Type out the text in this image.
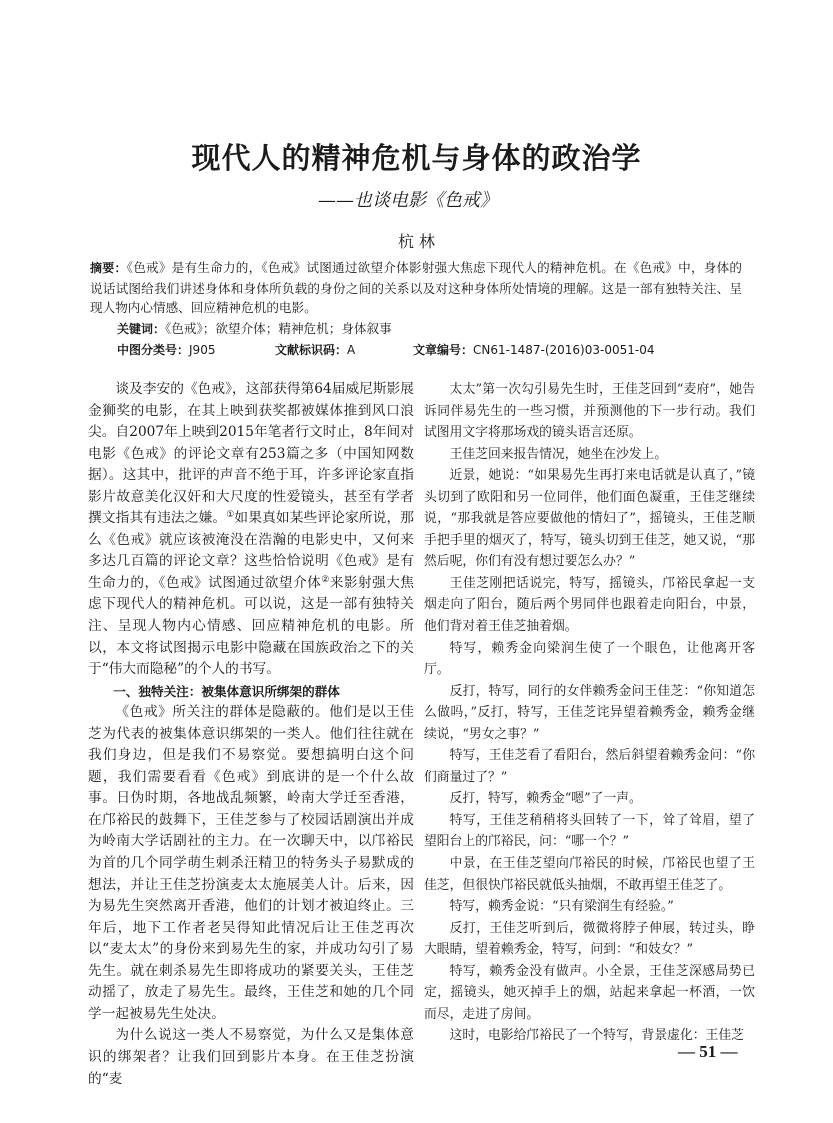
现代人的精神危机与身体的政治学
——也谈电影《色戒》
杭 林
摘要：《色戒》是有生命力的，《色戒》试图通过欲望介体影射强大焦虑下现代人的精神危机。在《色戒》中，身体的说话试图给我们讲述身体和身体所负载的身份之间的关系以及对这种身体所处情境的理解。这是一部有独特关注、呈现人物内心情感、回应精神危机的电影。
关键词：《色戒》；欲望介体；精神危机；身体叙事
中图分类号：J905	文献标识码：A	文章编号：CN61-1487-(2016)03-0051-04

谈及李安的《色戒》，这部获得第64届威尼斯影展金狮奖的电影，在其上映到获奖都被媒体推到风口浪尖。自2007年上映到2015年笔者行文时止，8年间对电影《色戒》的评论文章有253篇之多（中国知网数据）。这其中，批评的声音不绝于耳，许多评论家直指影片故意美化汉奸和大尺度的性爱镜头，甚至有学者撰文指其有违法之嫌。①如果真如某些评论家所说，那么《色戒》就应该被淹没在浩瀚的电影史中，又何来多达几百篇的评论文章？这些恰恰说明《色戒》是有生命力的，《色戒》试图通过欲望介体②来影射强大焦虑下现代人的精神危机。可以说，这是一部有独特关注、呈现人物内心情感、回应精神危机的电影。所以，本文将试图揭示电影中隐藏在国族政治之下的关于“伟大而隐秘”的个人的书写。

一、独特关注：被集体意识所绑架的群体

《色戒》所关注的群体是隐蔽的。他们是以王佳芝为代表的被集体意识绑架的一类人。他们往往就在我们身边，但是我们不易察觉。要想搞明白这个问题，我们需要看看《色戒》到底讲的是一个什么故事。日伪时期，各地战乱频繁，岭南大学迁至香港，在邝裕民的鼓舞下，王佳芝参与了校园话剧演出并成为岭南大学话剧社的主力。在一次聊天中，以邝裕民为首的几个同学萌生刺杀汪精卫的特务头子易默成的想法，并让王佳芝扮演麦太太施展美人计。后来，因为易先生突然离开香港，他们的计划才被迫终止。三年后，地下工作者老吴得知此情况后让王佳芝再次以“麦太太”的身份来到易先生的家，并成功勾引了易先生。就在刺杀易先生即将成功的紧要关头，王佳芝动摇了，放走了易先生。最终，王佳芝和她的几个同学一起被易先生处决。

为什么说这一类人不易察觉，为什么又是集体意识的绑架者？让我们回到影片本身。在王佳芝扮演的“麦

太太”第一次勾引易先生时，王佳芝回到“麦府”，她告诉同伴易先生的一些习惯，并预测他的下一步行动。我们试图用文字将那场戏的镜头语言还原。

王佳芝回来报告情况，她坐在沙发上。

近景，她说：“如果易先生再打来电话就是认真了，”镜头切到了欧阳和另一位同伴，他们面色凝重，王佳芝继续说，“那我就是答应要做他的情妇了”，摇镜头，王佳芝顺手把手里的烟灭了，特写，镜头切到王佳芝，她又说，“那然后呢，你们有没有想过要怎么办？”

王佳芝刚把话说完，特写，摇镜头，邝裕民拿起一支烟走向了阳台，随后两个男同伴也跟着走向阳台，中景，他们背对着王佳芝抽着烟。

特写，赖秀金向梁润生使了一个眼色，让他离开客厅。

反打，特写，同行的女伴赖秀金问王佳芝：“你知道怎么做吗，”反打，特写，王佳芝诧异望着赖秀金，赖秀金继续说，“男女之事？”

特写，王佳芝看了看阳台，然后斜望着赖秀金问：“你们商量过了？”

反打，特写，赖秀金“嗯”了一声。

特写，王佳芝稍稍将头回转了一下，耸了耸眉，望了望阳台上的邝裕民，问：“哪一个？”

中景，在王佳芝望向邝裕民的时候，邝裕民也望了王佳芝，但很快邝裕民就低头抽烟，不敢再望王佳芝了。

特写，赖秀金说：“只有梁润生有经验。”

反打，王佳芝听到后，微微将脖子伸展，转过头，睁大眼睛，望着赖秀金，特写，问到：“和妓女？”

特写，赖秀金没有做声。小全景，王佳芝深感局势已定，摇镜头，她灭掉手上的烟，站起来拿起一杯酒，一饮而尽，走进了房间。

这时，电影给邝裕民了一个特写，背景虚化：王佳芝

— 51 —
